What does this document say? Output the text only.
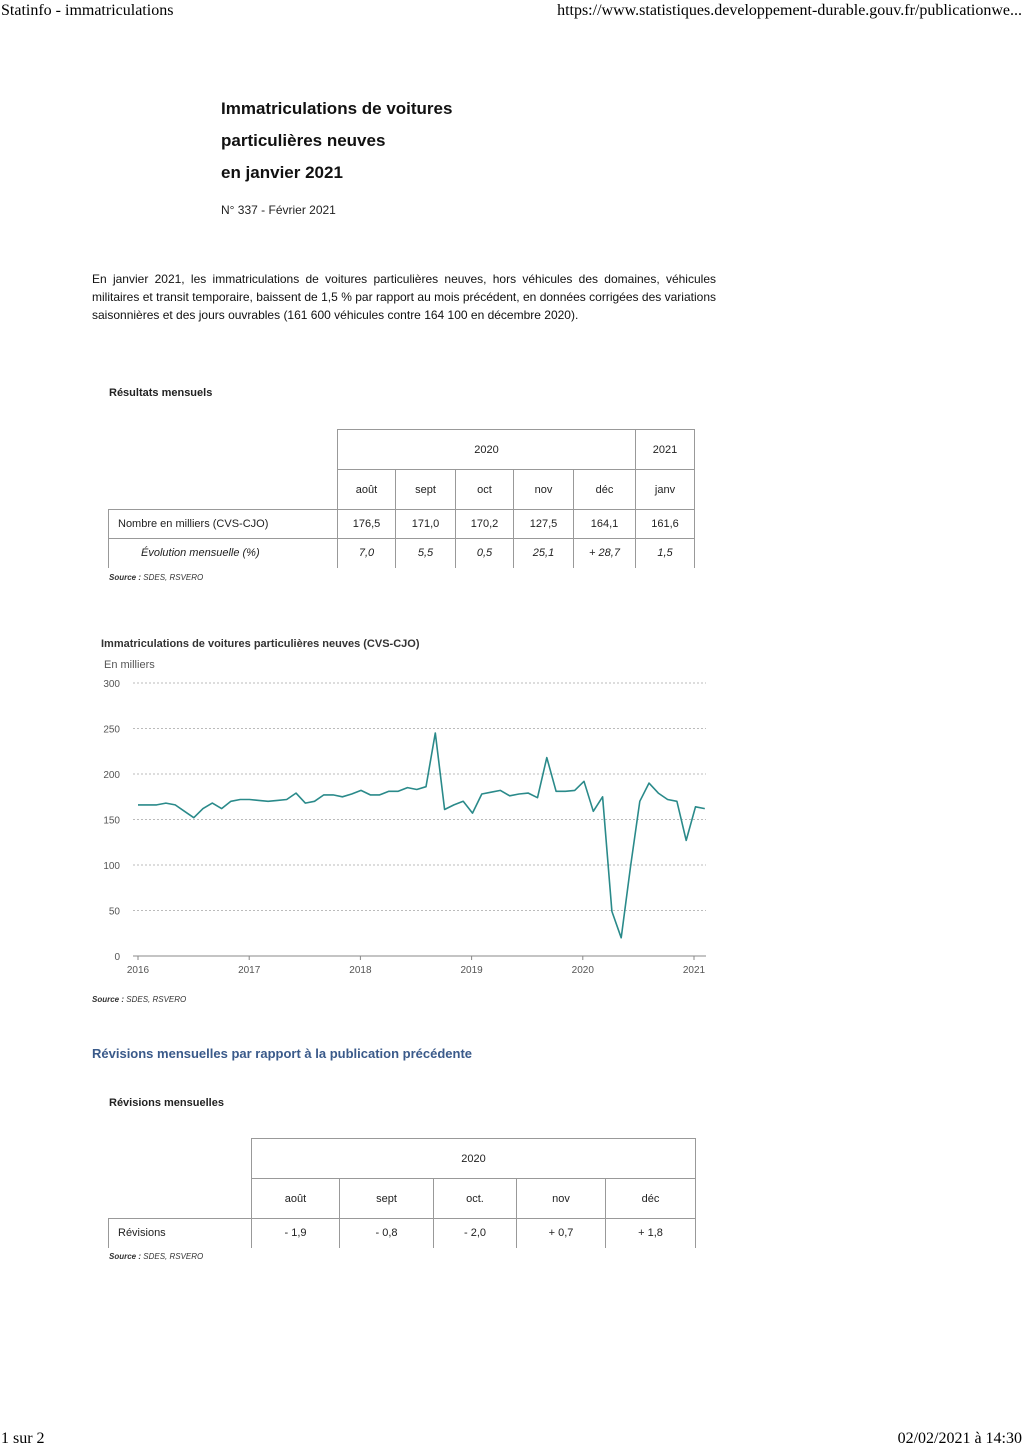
Statinfo - immatriculations	https://www.statistiques.developpement-durable.gouv.fr/publicationwe...
Immatriculations de voitures
particulières neuves
en janvier 2021
N° 337 - Février 2021

En janvier 2021, les immatriculations de voitures particulières neuves, hors véhicules des domaines, véhicules militaires et transit temporaire, baissent de 1,5 % par rapport au mois précédent, en données corrigées des variations saisonnières et des jours ouvrables (161 600 véhicules contre 164 100 en décembre 2020).

Résultats mensuels
	2020					2021
	août	sept	oct	nov	déc	janv
Nombre en milliers (CVS-CJO)	176,5	171,0	170,2	127,5	164,1	161,6
Évolution mensuelle (%)	7,0	5,5	0,5	25,1	+ 28,7	1,5
Source : SDES, RSVERO
Immatriculations de voitures particulières neuves (CVS-CJO)
En milliers
0
50
100
150
200
250
300
2016	2017	2018	2019	2020	2021
Source : SDES, RSVERO
Révisions mensuelles par rapport à la publication précédente
Révisions mensuelles
	2020				
	août	sept	oct.	nov	déc
Révisions	- 1,9	- 0,8	- 2,0	+ 0,7	+ 1,8
Source : SDES, RSVERO
1 sur 2	02/02/2021 à 14:30
